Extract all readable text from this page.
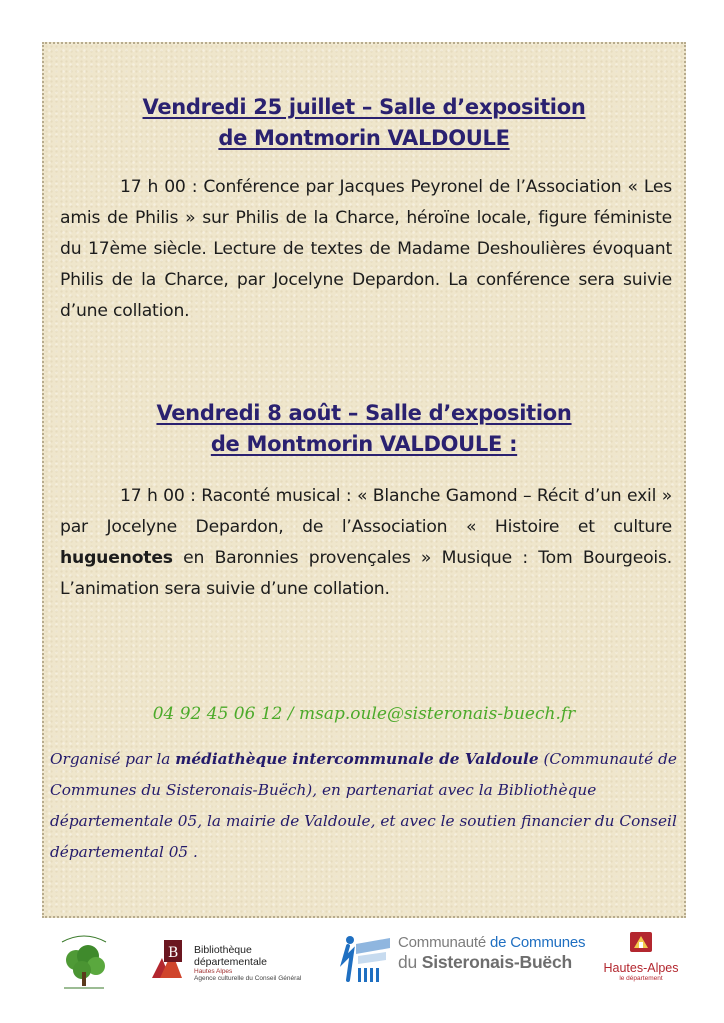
Vendredi 25 juillet – Salle d’exposition
de Montmorin VALDOULE

17 h 00 : Conférence par Jacques Peyronel de l’Association « Les amis de Philis » sur Philis de la Charce, héroïne locale, figure féministe du 17ème siècle. Lecture de textes de Madame Deshoulières évoquant Philis de la Charce, par Jocelyne Depardon. La conférence sera suivie d’une collation.

Vendredi 8 août – Salle d’exposition
de Montmorin VALDOULE :

17 h 00 : Raconté musical : « Blanche Gamond – Récit d’un exil » par Jocelyne Depardon, de l’Association « Histoire et culture huguenotes en Baronnies provençales » Musique : Tom Bourgeois. L’animation sera suivie d’une collation.

04 92 45 06 12 / msap.oule@sisteronais-buech.fr

Organisé par la médiathèque intercommunale de Valdoule (Communauté de Communes du Sisteronais-Buëch), en partenariat avec la Bibliothèque départementale 05, la mairie de Valdoule, et avec le soutien financier du Conseil départemental 05 .

B Bibliothèque départementale
Hautes Alpes
Agence culturelle du Conseil Général
Communauté de Communes
du Sisteronais-Buëch	Hautes-Alpes
le département
